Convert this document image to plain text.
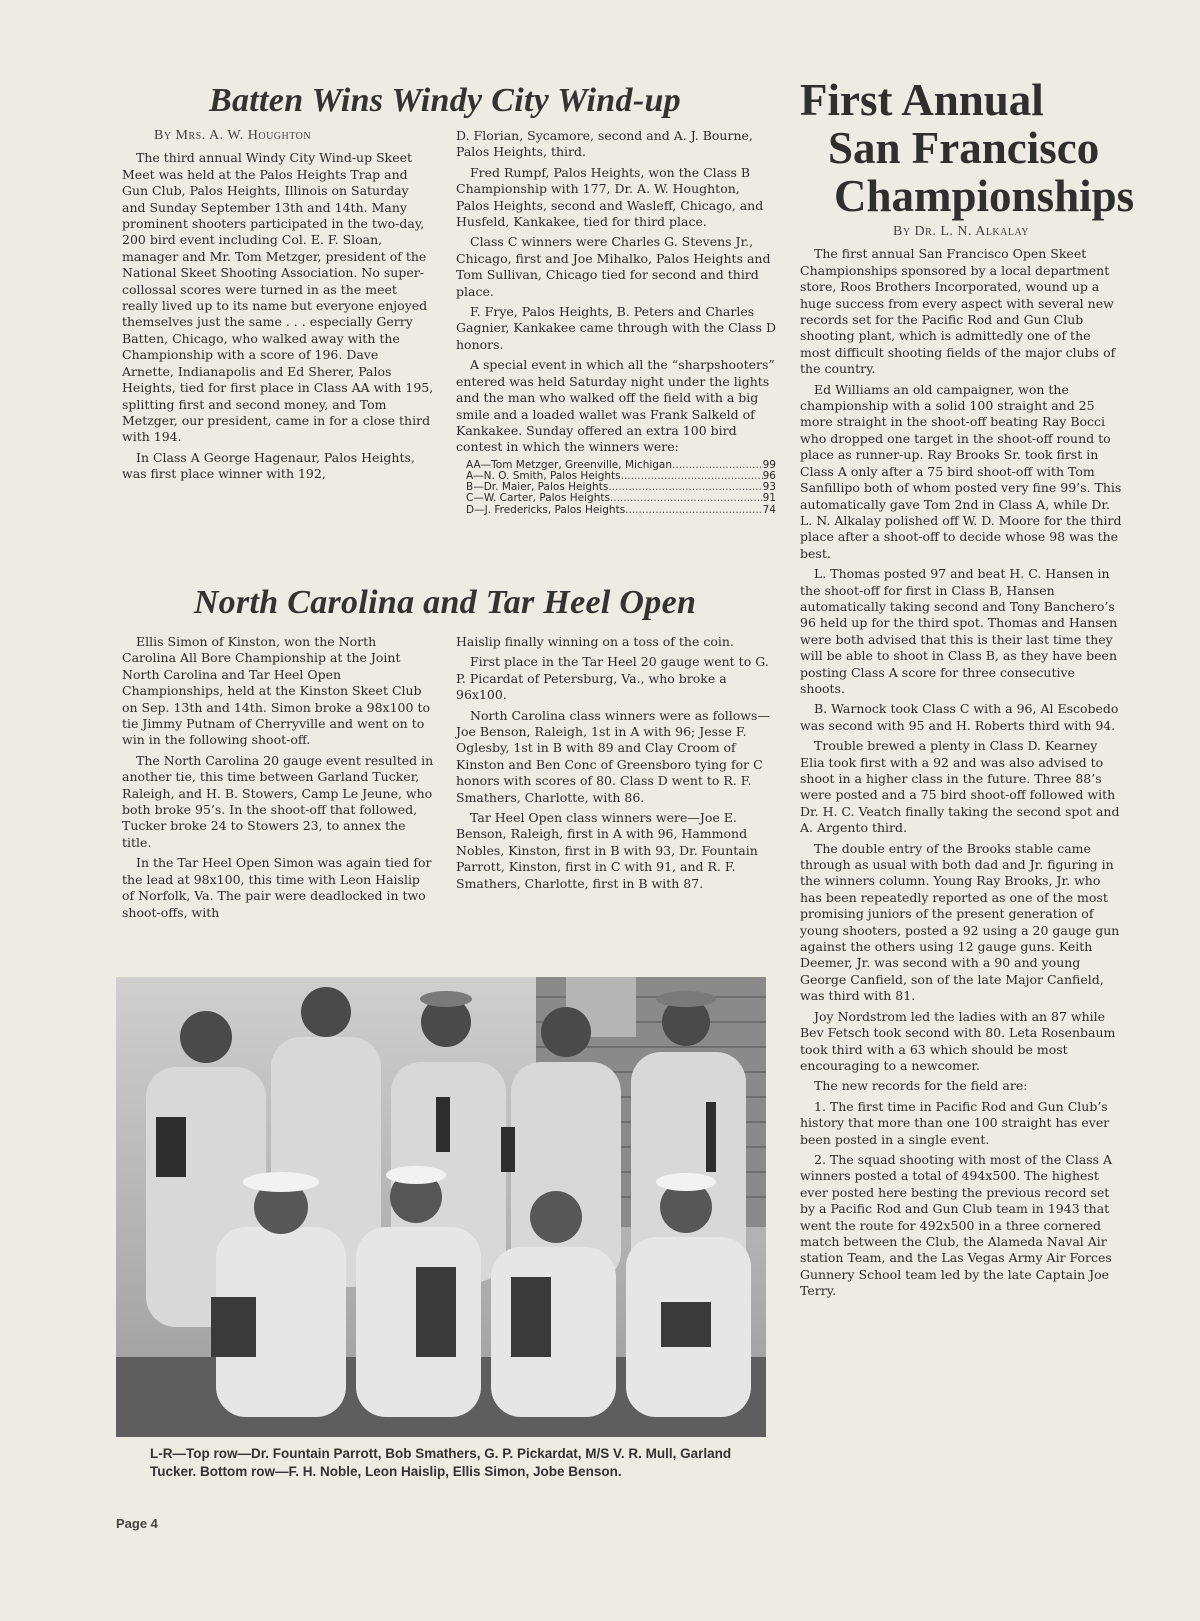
Batten Wins Windy City Wind-up
By Mrs. A. W. Houghton

The third annual Windy City Wind-up Skeet Meet was held at the Palos Heights Trap and Gun Club, Palos Heights, Illinois on Saturday and Sunday September 13th and 14th. Many prominent shooters participated in the two-day, 200 bird event including Col. E. F. Sloan, manager and Mr. Tom Metzger, president of the National Skeet Shooting Association. No super-collossal scores were turned in as the meet really lived up to its name but everyone enjoyed themselves just the same . . . especially Gerry Batten, Chicago, who walked away with the Championship with a score of 196. Dave Arnette, Indianapolis and Ed Sherer, Palos Heights, tied for first place in Class AA with 195, splitting first and second money, and Tom Metzger, our president, came in for a close third with 194.

In Class A George Hagenaur, Palos Heights, was first place winner with 192,

D. Florian, Sycamore, second and A. J. Bourne, Palos Heights, third.

Fred Rumpf, Palos Heights, won the Class B Championship with 177, Dr. A. W. Houghton, Palos Heights, second and Wasleff, Chicago, and Husfeld, Kankakee, tied for third place.

Class C winners were Charles G. Stevens Jr., Chicago, first and Joe Mihalko, Palos Heights and Tom Sullivan, Chicago tied for second and third place.

F. Frye, Palos Heights, B. Peters and Charles Gagnier, Kankakee came through with the Class D honors.

A special event in which all the “sharpshooters” entered was held Saturday night under the lights and the man who walked off the field with a big smile and a loaded wallet was Frank Salkeld of Kankakee. Sunday offered an extra 100 bird contest in which the winners were:

AA—Tom Metzger, Greenville, Michigan .....	99
A—N. O. Smith, Palos Heights .....	96
B—Dr. Maier, Palos Heights .....	93
C—W. Carter, Palos Heights .....	91
D—J. Fredericks, Palos Heights .....	74
North Carolina and Tar Heel Open

Ellis Simon of Kinston, won the North Carolina All Bore Championship at the Joint North Carolina and Tar Heel Open Championships, held at the Kinston Skeet Club on Sep. 13th and 14th. Simon broke a 98x100 to tie Jimmy Putnam of Cherryville and went on to win in the following shoot-off.

The North Carolina 20 gauge event resulted in another tie, this time between Garland Tucker, Raleigh, and H. B. Stowers, Camp Le Jeune, who both broke 95’s. In the shoot-off that followed, Tucker broke 24 to Stowers 23, to annex the title.

In the Tar Heel Open Simon was again tied for the lead at 98x100, this time with Leon Haislip of Norfolk, Va. The pair were deadlocked in two shoot-offs, with

Haislip finally winning on a toss of the coin.

First place in the Tar Heel 20 gauge went to G. P. Picardat of Petersburg, Va., who broke a 96x100.

North Carolina class winners were as follows—Joe Benson, Raleigh, 1st in A with 96; Jesse F. Oglesby, 1st in B with 89 and Clay Croom of Kinston and Ben Conc of Greensboro tying for C honors with scores of 80. Class D went to R. F. Smathers, Charlotte, with 86.

Tar Heel Open class winners were—Joe E. Benson, Raleigh, first in A with 96, Hammond Nobles, Kinston, first in B with 93, Dr. Fountain Parrott, Kinston, first in C with 91, and R. F. Smathers, Charlotte, first in B with 87.

L-R—Top row—Dr. Fountain Parrott, Bob Smathers, G. P. Pickardat, M/S V. R. Mull, Garland Tucker. Bottom row—F. H. Noble, Leon Haislip, Ellis Simon, Jobe Benson.
First Annual
San Francisco
Championships
By Dr. L. N. Alkalay

The first annual San Francisco Open Skeet Championships sponsored by a local department store, Roos Brothers Incorporated, wound up a huge success from every aspect with several new records set for the Pacific Rod and Gun Club shooting plant, which is admittedly one of the most difficult shooting fields of the major clubs of the country.

Ed Williams an old campaigner, won the championship with a solid 100 straight and 25 more straight in the shoot-off beating Ray Bocci who dropped one target in the shoot-off round to place as runner-up. Ray Brooks Sr. took first in Class A only after a 75 bird shoot-off with Tom Sanfillipo both of whom posted very fine 99’s. This automatically gave Tom 2nd in Class A, while Dr. L. N. Alkalay polished off W. D. Moore for the third place after a shoot-off to decide whose 98 was the best.

L. Thomas posted 97 and beat H. C. Hansen in the shoot-off for first in Class B, Hansen automatically taking second and Tony Banchero’s 96 held up for the third spot. Thomas and Hansen were both advised that this is their last time they will be able to shoot in Class B, as they have been posting Class A score for three consecutive shoots.

B. Warnock took Class C with a 96, Al Escobedo was second with 95 and H. Roberts third with 94.

Trouble brewed a plenty in Class D. Kearney Elia took first with a 92 and was also advised to shoot in a higher class in the future. Three 88’s were posted and a 75 bird shoot-off followed with Dr. H. C. Veatch finally taking the second spot and A. Argento third.

The double entry of the Brooks stable came through as usual with both dad and Jr. figuring in the winners column. Young Ray Brooks, Jr. who has been repeatedly reported as one of the most promising juniors of the present generation of young shooters, posted a 92 using a 20 gauge gun against the others using 12 gauge guns. Keith Deemer, Jr. was second with a 90 and young George Canfield, son of the late Major Canfield, was third with 81.

Joy Nordstrom led the ladies with an 87 while Bev Fetsch took second with 80. Leta Rosenbaum took third with a 63 which should be most encouraging to a newcomer.

The new records for the field are:

1. The first time in Pacific Rod and Gun Club’s history that more than one 100 straight has ever been posted in a single event.

2. The squad shooting with most of the Class A winners posted a total of 494x500. The highest ever posted here besting the previous record set by a Pacific Rod and Gun Club team in 1943 that went the route for 492x500 in a three cornered match between the Club, the Alameda Naval Air station Team, and the Las Vegas Army Air Forces Gunnery School team led by the late Captain Joe Terry.

Page 4
